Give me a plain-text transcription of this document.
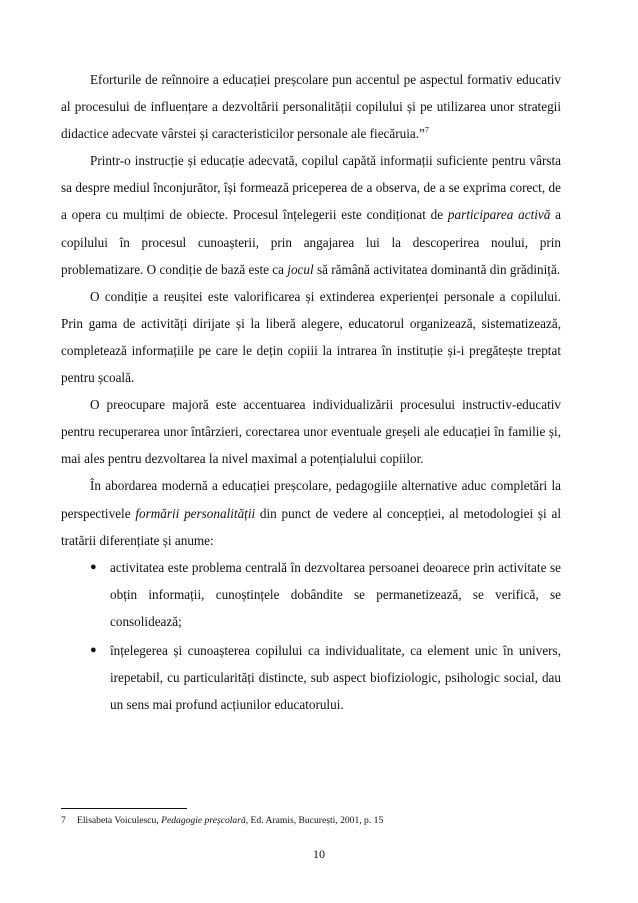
Eforturile de reînnoire a educației preșcolare pun accentul pe aspectul formativ educativ al procesului de influențare a dezvoltării personalității copilului și pe utilizarea unor strategii didactice adecvate vârstei și caracteristicilor personale ale fiecăruia.”$^7$

Printr-o instrucție și educație adecvată, copilul capătă informații suficiente pentru vârsta sa despre mediul înconjurător, își formează priceperea de a observa, de a se exprima corect, de a opera cu mulțimi de obiecte. Procesul înțelegerii este condiționat de participarea activă a copilului în procesul cunoașterii, prin angajarea lui la descoperirea noului, prin problematizare. O condiție de bază este ca jocul să rămână activitatea dominantă din grădiniță.

O condiție a reușitei este valorificarea și extinderea experienței personale a copilului. Prin gama de activități dirijate și la liberă alegere, educatorul organizează, sistematizează, completează informațiile pe care le dețin copiii la intrarea în instituție și-i pregătește treptat pentru școală.

O preocupare majoră este accentuarea individualizării procesului instructiv-educativ pentru recuperarea unor întârzieri, corectarea unor eventuale greșeli ale educației în familie și, mai ales pentru dezvoltarea la nivel maximal a potențialului copiilor.

În abordarea modernă a educației preșcolare, pedagogiile alternative aduc completări la perspectivele formării personalității din punct de vedere al concepției, al metodologiei și al tratării diferențiate și anume:

● activitatea este problema centrală în dezvoltarea persoanei deoarece prin activitate se obțin informații, cunoștințele dobândite se permanetizează, se verifică, se consolidează;
● înțelegerea și cunoașterea copilului ca individualitate, ca element unic în univers, irepetabil, cu particularități distincte, sub aspect biofiziologic, psihologic social, dau un sens mai profund acțiunilor educatorului.
7 Elisabeta Voiculescu, Pedagogie preșcolară, Ed. Aramis, București, 2001, p. 15
10
